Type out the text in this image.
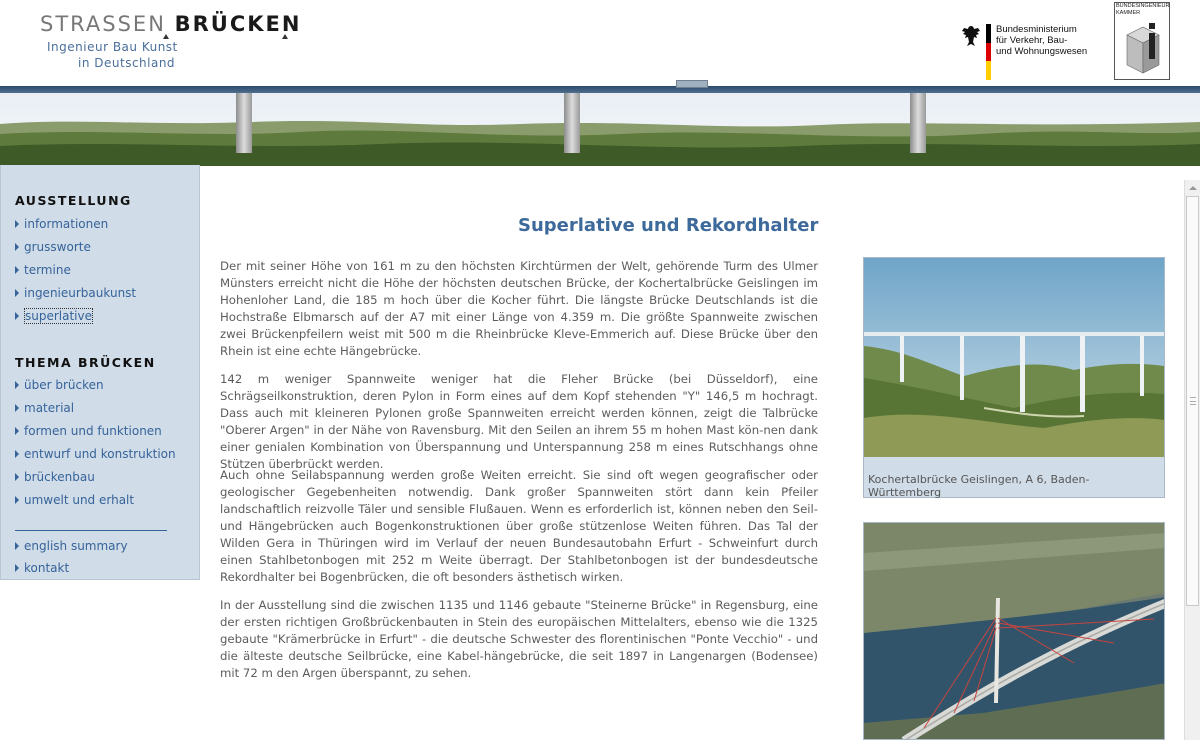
STRASSEN BRÜCKEN
Ingenieur Bau Kunst
in Deutschland
Bundesministerium
für Verkehr, Bau-
und Wohnungswesen
BUNDESINGENIEUR
KAMMER
AUSSTELLUNG
informationen
grussworte
termine
ingenieurbaukunst
superlative
THEMA BRÜCKEN
über brücken
material
formen und funktionen
entwurf und konstruktion
brückenbau
umwelt und erhalt
english summary
kontakt
Superlative und Rekordhalter

Der mit seiner Höhe von 161 m zu den höchsten Kirchtürmen der Welt, gehörende Turm des Ulmer Münsters erreicht nicht die Höhe der höchsten deutschen Brücke, der Kochertalbrücke Geislingen im Hohenloher Land, die 185 m hoch über die Kocher führt. Die längste Brücke Deutschlands ist die Hochstraße Elbmarsch auf der A7 mit einer Länge von 4.359 m. Die größte Spannweite zwischen zwei Brückenpfeilern weist mit 500 m die Rheinbrücke Kleve-Emmerich auf. Diese Brücke über den Rhein ist eine echte Hängebrücke.

142 m weniger Spannweite weniger hat die Fleher Brücke (bei Düsseldorf), eine Schrägseilkonstruktion, deren Pylon in Form eines auf dem Kopf stehenden "Y" 146,5 m hochragt. Dass auch mit kleineren Pylonen große Spannweiten erreicht werden können, zeigt die Talbrücke "Oberer Argen" in der Nähe von Ravensburg. Mit den Seilen an ihrem 55 m hohen Mast kön-nen dank einer genialen Kombination von Überspannung und Unterspannung 258 m eines Rutschhangs ohne Stützen überbrückt werden.

Auch ohne Seilabspannung werden große Weiten erreicht. Sie sind oft wegen geografischer oder geologischer Gegebenheiten notwendig. Dank großer Spannweiten stört dann kein Pfeiler landschaftlich reizvolle Täler und sensible Flußauen. Wenn es erforderlich ist, können neben den Seil- und Hängebrücken auch Bogenkonstruktionen über große stützenlose Weiten führen. Das Tal der Wilden Gera in Thüringen wird im Verlauf der neuen Bundesautobahn Erfurt - Schweinfurt durch einen Stahlbetonbogen mit 252 m Weite überragt. Der Stahlbetonbogen ist der bundesdeutsche Rekordhalter bei Bogenbrücken, die oft besonders ästhetisch wirken.

In der Ausstellung sind die zwischen 1135 und 1146 gebaute "Steinerne Brücke" in Regensburg, eine der ersten richtigen Großbrückenbauten in Stein des europäischen Mittelalters, ebenso wie die 1325 gebaute "Krämerbrücke in Erfurt" - die deutsche Schwester des florentinischen "Ponte Vecchio" - und die älteste deutsche Seilbrücke, eine Kabel-hängebrücke, die seit 1897 in Langenargen (Bodensee) mit 72 m den Argen überspannt, zu sehen.

Kochertalbrücke Geislingen, A 6, Baden-Württemberg
